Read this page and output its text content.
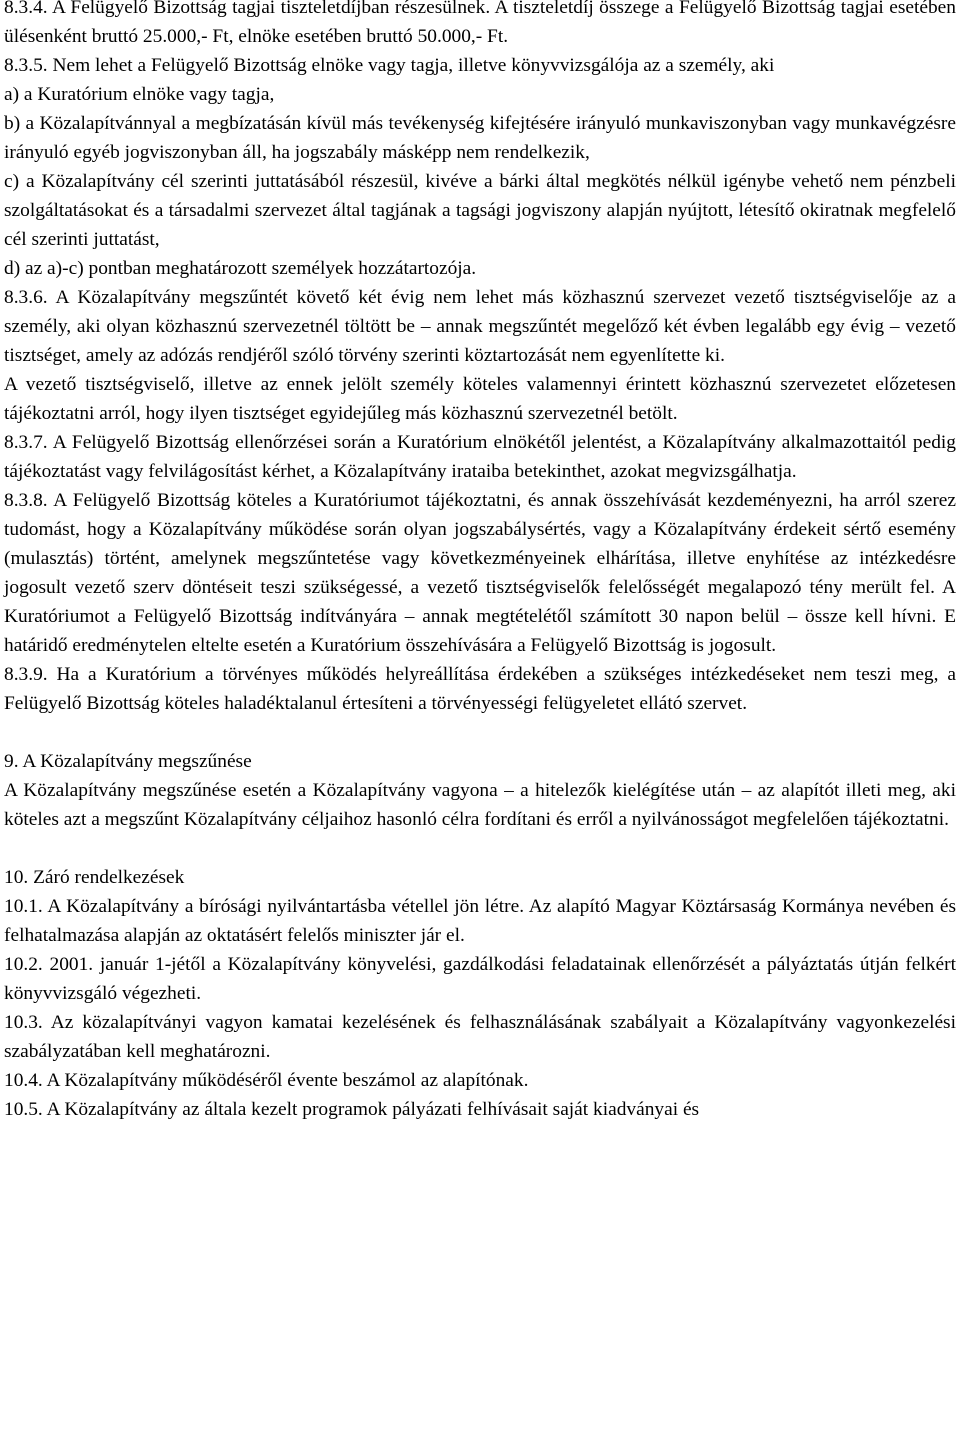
8.3.4. A Felügyelő Bizottság tagjai tiszteletdíjban részesülnek. A tiszteletdíj összege a Felügyelő Bizottság tagjai esetében ülésenként bruttó 25.000,- Ft, elnöke esetében bruttó 50.000,- Ft.

8.3.5. Nem lehet a Felügyelő Bizottság elnöke vagy tagja, illetve könyvvizsgálója az a személy, aki

a) a Kuratórium elnöke vagy tagja,

b) a Közalapítvánnyal a megbízatásán kívül más tevékenység kifejtésére irányuló munkaviszonyban vagy munkavégzésre irányuló egyéb jogviszonyban áll, ha jogszabály másképp nem rendelkezik,

c) a Közalapítvány cél szerinti juttatásából részesül, kivéve a bárki által megkötés nélkül igénybe vehető nem pénzbeli szolgáltatásokat és a társadalmi szervezet által tagjának a tagsági jogviszony alapján nyújtott, létesítő okiratnak megfelelő cél szerinti juttatást,

d) az a)-c) pontban meghatározott személyek hozzátartozója.

8.3.6. A Közalapítvány megszűntét követő két évig nem lehet más közhasznú szervezet vezető tisztségviselője az a személy, aki olyan közhasznú szervezetnél töltött be – annak megszűntét megelőző két évben legalább egy évig – vezető tisztséget, amely az adózás rendjéről szóló törvény szerinti köztartozását nem egyenlítette ki.

A vezető tisztségviselő, illetve az ennek jelölt személy köteles valamennyi érintett közhasznú szervezetet előzetesen tájékoztatni arról, hogy ilyen tisztséget egyidejűleg más közhasznú szervezetnél betölt.

8.3.7. A Felügyelő Bizottság ellenőrzései során a Kuratórium elnökétől jelentést, a Közalapítvány alkalmazottaitól pedig tájékoztatást vagy felvilágosítást kérhet, a Közalapítvány irataiba betekinthet, azokat megvizsgálhatja.

8.3.8. A Felügyelő Bizottság köteles a Kuratóriumot tájékoztatni, és annak összehívását kezdeményezni, ha arról szerez tudomást, hogy a Közalapítvány működése során olyan jogszabálysértés, vagy a Közalapítvány érdekeit sértő esemény (mulasztás) történt, amelynek megszűntetése vagy következményeinek elhárítása, illetve enyhítése az intézkedésre jogosult vezető szerv döntéseit teszi szükségessé, a vezető tisztségviselők felelősségét megalapozó tény merült fel. A Kuratóriumot a Felügyelő Bizottság indítványára – annak megtételétől számított 30 napon belül – össze kell hívni. E határidő eredménytelen eltelte esetén a Kuratórium összehívására a Felügyelő Bizottság is jogosult.

8.3.9. Ha a Kuratórium a törvényes működés helyreállítása érdekében a szükséges intézkedéseket nem teszi meg, a Felügyelő Bizottság köteles haladéktalanul értesíteni a törvényességi felügyeletet ellátó szervet.

9. A Közalapítvány megszűnése

A Közalapítvány megszűnése esetén a Közalapítvány vagyona – a hitelezők kielégítése után – az alapítót illeti meg, aki köteles azt a megszűnt Közalapítvány céljaihoz hasonló célra fordítani és erről a nyilvánosságot megfelelően tájékoztatni.

10. Záró rendelkezések

10.1. A Közalapítvány a bírósági nyilvántartásba vétellel jön létre. Az alapító Magyar Köztársaság Kormánya nevében és felhatalmazása alapján az oktatásért felelős miniszter jár el.

10.2. 2001. január 1-jétől a Közalapítvány könyvelési, gazdálkodási feladatainak ellenőrzését a pályáztatás útján felkért könyvvizsgáló végezheti.

10.3. Az közalapítványi vagyon kamatai kezelésének és felhasználásának szabályait a Közalapítvány vagyonkezelési szabályzatában kell meghatározni.

10.4. A Közalapítvány működéséről évente beszámol az alapítónak.

10.5. A Közalapítvány az általa kezelt programok pályázati felhívásait saját kiadványai és
